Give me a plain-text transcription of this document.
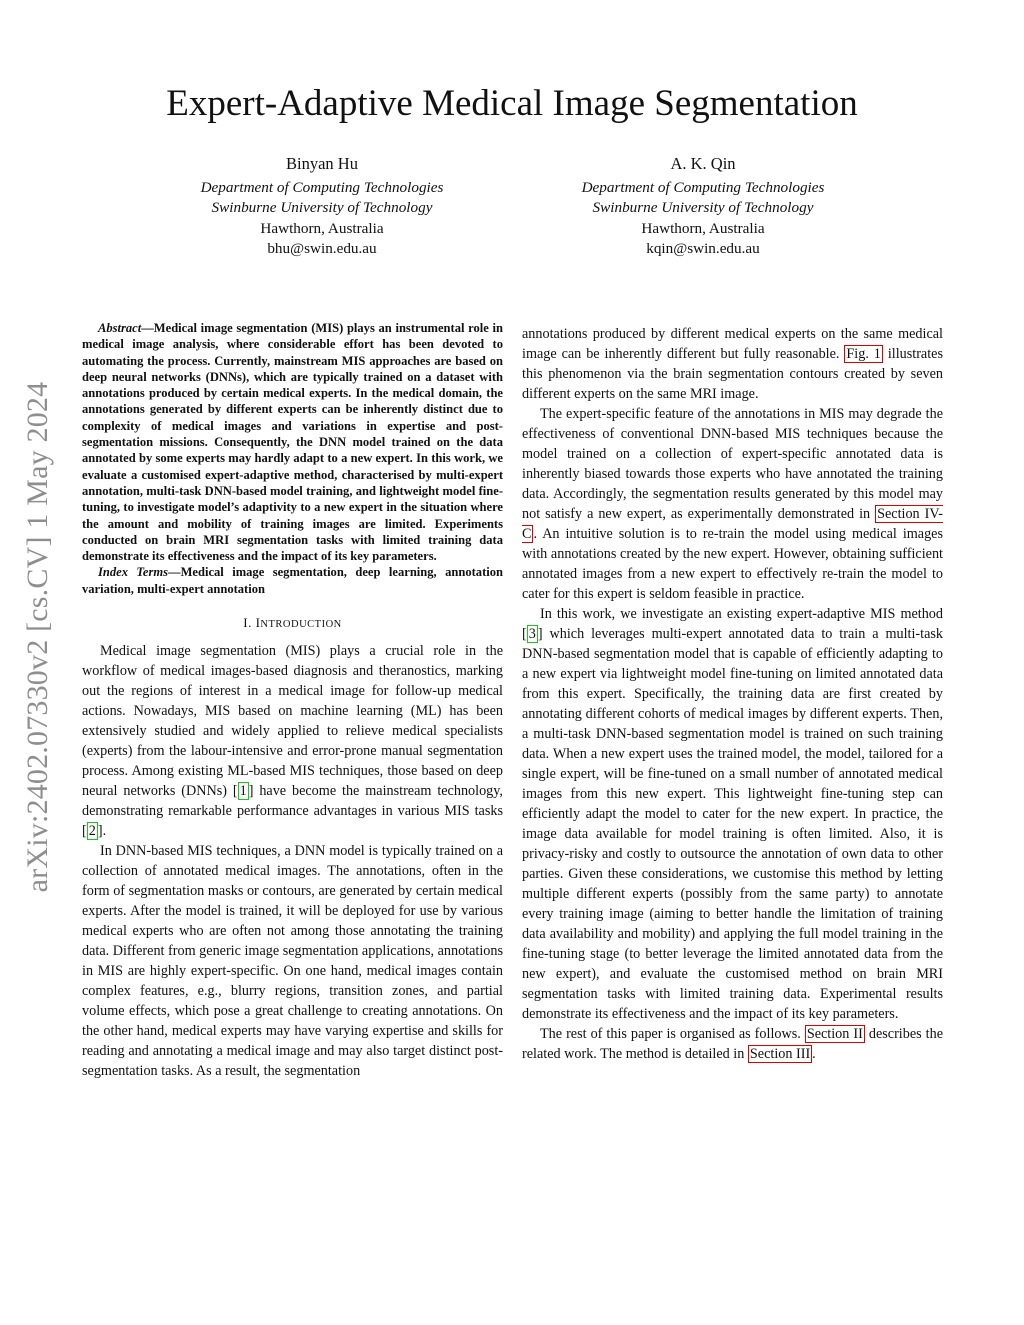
arXiv:2402.07330v2 [cs.CV] 1 May 2024
Expert-Adaptive Medical Image Segmentation
Binyan Hu
Department of Computing Technologies
Swinburne University of Technology
Hawthorn, Australia
bhu@swin.edu.au
A. K. Qin
Department of Computing Technologies
Swinburne University of Technology
Hawthorn, Australia
kqin@swin.edu.au

Abstract—Medical image segmentation (MIS) plays an instrumental role in medical image analysis, where considerable effort has been devoted to automating the process. Currently, mainstream MIS approaches are based on deep neural networks (DNNs), which are typically trained on a dataset with annotations produced by certain medical experts. In the medical domain, the annotations generated by different experts can be inherently distinct due to complexity of medical images and variations in expertise and post-segmentation missions. Consequently, the DNN model trained on the data annotated by some experts may hardly adapt to a new expert. In this work, we evaluate a customised expert-adaptive method, characterised by multi-expert annotation, multi-task DNN-based model training, and lightweight model fine-tuning, to investigate model’s adaptivity to a new expert in the situation where the amount and mobility of training images are limited. Experiments conducted on brain MRI segmentation tasks with limited training data demonstrate its effectiveness and the impact of its key parameters.

Index Terms—Medical image segmentation, deep learning, annotation variation, multi-expert annotation

I. INTRODUCTION

Medical image segmentation (MIS) plays a crucial role in the workflow of medical images-based diagnosis and theranostics, marking out the regions of interest in a medical image for follow-up medical actions. Nowadays, MIS based on machine learning (ML) has been extensively studied and widely applied to relieve medical specialists (experts) from the labour-intensive and error-prone manual segmentation process. Among existing ML-based MIS techniques, those based on deep neural networks (DNNs) [ 1 ] have become the mainstream technology, demonstrating remarkable performance advantages in various MIS tasks [ 2 ].

In DNN-based MIS techniques, a DNN model is typically trained on a collection of annotated medical images. The annotations, often in the form of segmentation masks or contours, are generated by certain medical experts. After the model is trained, it will be deployed for use by various medical experts who are often not among those annotating the training data. Different from generic image segmentation applications, annotations in MIS are highly expert-specific. On one hand, medical images contain complex features, e.g., blurry regions, transition zones, and partial volume effects, which pose a great challenge to creating annotations. On the other hand, medical experts may have varying expertise and skills for reading and annotating a medical image and may also target distinct post-segmentation tasks. As a result, the segmentation

annotations produced by different medical experts on the same medical image can be inherently different but fully reasonable. Fig. 1 illustrates this phenomenon via the brain segmentation contours created by seven different experts on the same MRI image.

The expert-specific feature of the annotations in MIS may degrade the effectiveness of conventional DNN-based MIS techniques because the model trained on a collection of expert-specific annotated data is inherently biased towards those experts who have annotated the training data. Accordingly, the segmentation results generated by this model may not satisfy a new expert, as experimentally demonstrated in Section IV-C . An intuitive solution is to re-train the model using medical images with annotations created by the new expert. However, obtaining sufficient annotated images from a new expert to effectively re-train the model to cater for this expert is seldom feasible in practice.

In this work, we investigate an existing expert-adaptive MIS method [ 3 ] which leverages multi-expert annotated data to train a multi-task DNN-based segmentation model that is capable of efficiently adapting to a new expert via lightweight model fine-tuning on limited annotated data from this expert. Specifically, the training data are first created by annotating different cohorts of medical images by different experts. Then, a multi-task DNN-based segmentation model is trained on such training data. When a new expert uses the trained model, the model, tailored for a single expert, will be fine-tuned on a small number of annotated medical images from this new expert. This lightweight fine-tuning step can efficiently adapt the model to cater for the new expert. In practice, the image data available for model training is often limited. Also, it is privacy-risky and costly to outsource the annotation of own data to other parties. Given these considerations, we customise this method by letting multiple different experts (possibly from the same party) to annotate every training image (aiming to better handle the limitation of training data availability and mobility) and applying the full model training in the fine-tuning stage (to better leverage the limited annotated data from the new expert), and evaluate the customised method on brain MRI segmentation tasks with limited training data. Experimental results demonstrate its effectiveness and the impact of its key parameters.

The rest of this paper is organised as follows. Section II describes the related work. The method is detailed in Section III .
